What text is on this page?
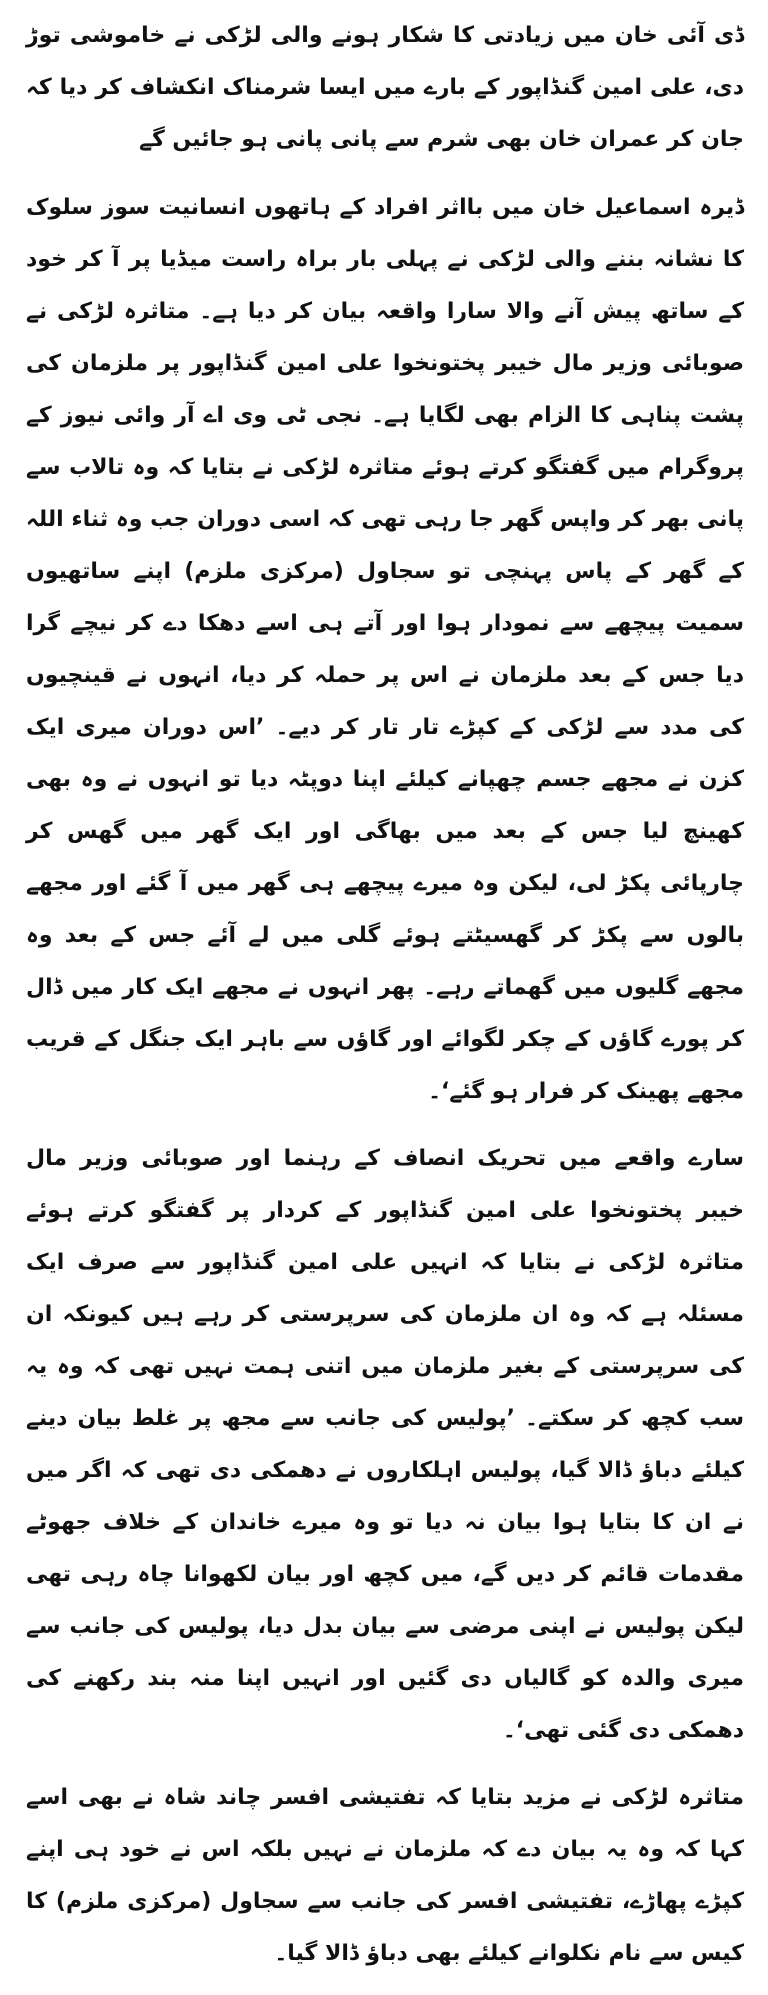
ڈی آئی خان میں زیادتی کا شکار ہونے والی لڑکی نے خاموشی توڑ دی، علی امین گنڈاپور کے بارے میں ایسا شرمناک انکشاف کر دیا کہ جان کر عمران خان بھی شرم سے پانی پانی ہو جائیں گے

ڈیرہ اسماعیل خان میں بااثر افراد کے ہاتھوں انسانیت سوز سلوک کا نشانہ بننے والی لڑکی نے پہلی بار براہ راست میڈیا پر آ کر خود کے ساتھ پیش آنے والا سارا واقعہ بیان کر دیا ہے۔ متاثرہ لڑکی نے صوبائی وزیر مال خیبر پختونخوا علی امین گنڈاپور پر ملزمان کی پشت پناہی کا الزام بھی لگایا ہے۔ نجی ٹی وی اے آر وائی نیوز کے پروگرام میں گفتگو کرتے ہوئے متاثرہ لڑکی نے بتایا کہ وہ تالاب سے پانی بھر کر واپس گھر جا رہی تھی کہ اسی دوران جب وہ ثناء اللہ کے گھر کے پاس پہنچی تو سجاول (مرکزی ملزم) اپنے ساتھیوں سمیت پیچھے سے نمودار ہوا اور آتے ہی اسے دھکا دے کر نیچے گرا دیا جس کے بعد ملزمان نے اس پر حملہ کر دیا، انہوں نے قینچیوں کی مدد سے لڑکی کے کپڑے تار تار کر دیے۔ ’اس دوران میری ایک کزن نے مجھے جسم چھپانے کیلئے اپنا دوپٹہ دیا تو انہوں نے وہ بھی کھینچ لیا جس کے بعد میں بھاگی اور ایک گھر میں گھس کر چارپائی پکڑ لی، لیکن وہ میرے پیچھے ہی گھر میں آ گئے اور مجھے بالوں سے پکڑ کر گھسیٹتے ہوئے گلی میں لے آئے جس کے بعد وہ مجھے گلیوں میں گھماتے رہے۔ پھر انہوں نے مجھے ایک کار میں ڈال کر پورے گاؤں کے چکر لگوائے اور گاؤں سے باہر ایک جنگل کے قریب مجھے پھینک کر فرار ہو گئے‘۔

سارے واقعے میں تحریک انصاف کے رہنما اور صوبائی وزیر مال خیبر پختونخوا علی امین گنڈاپور کے کردار پر گفتگو کرتے ہوئے متاثرہ لڑکی نے بتایا کہ انہیں علی امین گنڈاپور سے صرف ایک مسئلہ ہے کہ وہ ان ملزمان کی سرپرستی کر رہے ہیں کیونکہ ان کی سرپرستی کے بغیر ملزمان میں اتنی ہمت نہیں تھی کہ وہ یہ سب کچھ کر سکتے۔ ’پولیس کی جانب سے مجھ پر غلط بیان دینے کیلئے دباؤ ڈالا گیا، پولیس اہلکاروں نے دھمکی دی تھی کہ اگر میں نے ان کا بتایا ہوا بیان نہ دیا تو وہ میرے خاندان کے خلاف جھوٹے مقدمات قائم کر دیں گے، میں کچھ اور بیان لکھوانا چاہ رہی تھی لیکن پولیس نے اپنی مرضی سے بیان بدل دیا، پولیس کی جانب سے میری والدہ کو گالیاں دی گئیں اور انہیں اپنا منہ بند رکھنے کی دھمکی دی گئی تھی‘۔

متاثرہ لڑکی نے مزید بتایا کہ تفتیشی افسر چاند شاہ نے بھی اسے کہا کہ وہ یہ بیان دے کہ ملزمان نے نہیں بلکہ اس نے خود ہی اپنے کپڑے پھاڑے، تفتیشی افسر کی جانب سے سجاول (مرکزی ملزم) کا کیس سے نام نکلوانے کیلئے بھی دباؤ ڈالا گیا۔
